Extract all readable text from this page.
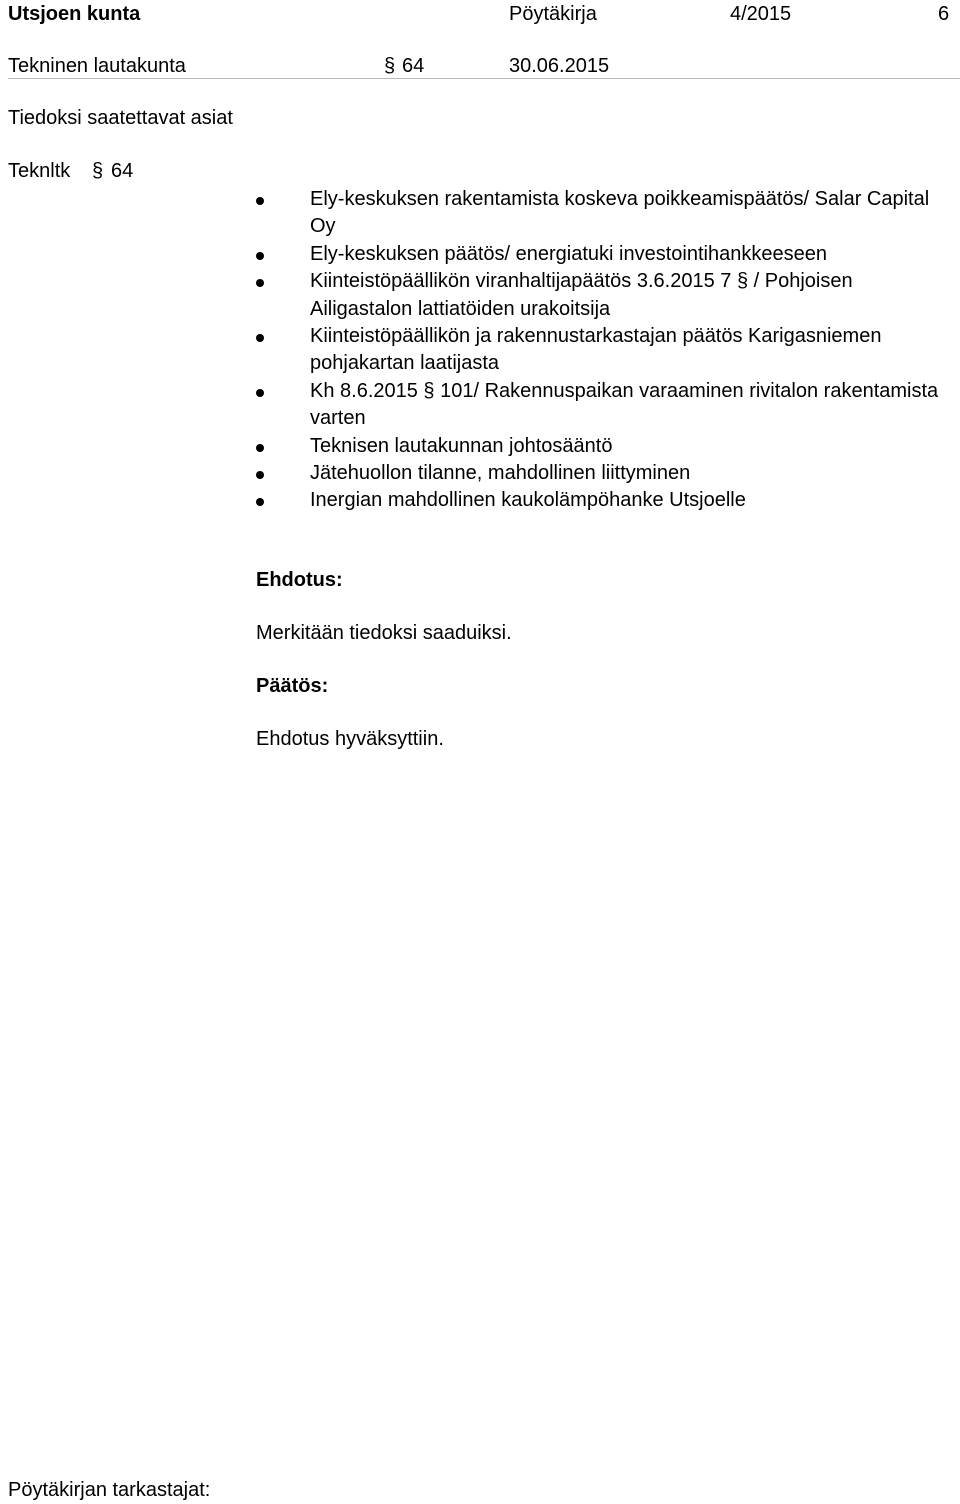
Utsjoen kunta	Pöytäkirja	4/2015	6
Tekninen lautakunta	§ 64	30.06.2015
Tiedoksi saatettavat asiat
Teknltk § 64
Ely-keskuksen rakentamista koskeva poikkeamispäätös/ Salar Capital Oy
Ely-keskuksen päätös/ energiatuki investointihankkeeseen
Kiinteistöpäällikön viranhaltijapäätös 3.6.2015 7 § / Pohjoisen Ailigastalon lattiatöiden urakoitsija
Kiinteistöpäällikön ja rakennustarkastajan päätös Karigasniemen pohjakartan laatijasta
Kh 8.6.2015 § 101/ Rakennuspaikan varaaminen rivitalon rakentamista varten
Teknisen lautakunnan johtosääntö
Jätehuollon tilanne, mahdollinen liittyminen
Inergian mahdollinen kaukolämpöhanke Utsjoelle
Ehdotus:
Merkitään tiedoksi saaduiksi.
Päätös:
Ehdotus hyväksyttiin.
Pöytäkirjan tarkastajat:
